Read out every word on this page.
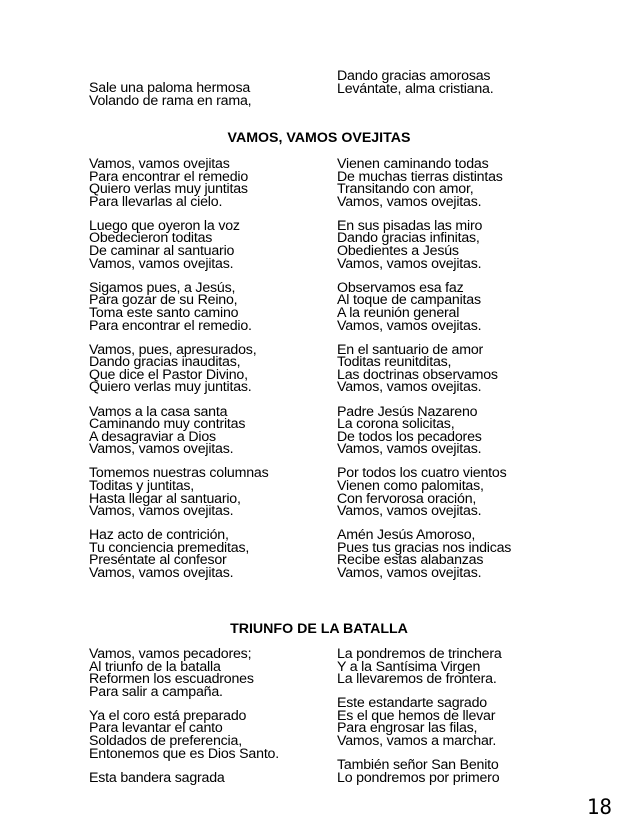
Sale una paloma hermosa
Volando de rama en rama,
Dando gracias amorosas
Levántate, alma cristiana.
VAMOS, VAMOS OVEJITAS
Vamos, vamos ovejitas
Para encontrar el remedio
Quiero verlas muy juntitas
Para llevarlas al cielo.
Luego que oyeron la voz
Obedecieron toditas
De caminar al santuario
Vamos, vamos ovejitas.
Sigamos pues, a Jesús,
Para gozar de su Reino,
Toma este santo camino
Para encontrar el remedio.
Vamos, pues, apresurados,
Dando gracias inauditas,
Que dice el Pastor Divino,
Quiero verlas muy juntitas.
Vamos a la casa santa
Caminando muy contritas
A desagraviar a Dios
Vamos, vamos ovejitas.
Tomemos nuestras columnas
Toditas y juntitas,
Hasta llegar al santuario,
Vamos, vamos ovejitas.
Haz acto de contrición,
Tu conciencia premeditas,
Preséntate al confesor
Vamos, vamos ovejitas.
Vienen caminando todas
De muchas tierras distintas
Transitando con amor,
Vamos, vamos ovejitas.
En sus pisadas las miro
Dando gracias infinitas,
Obedientes a Jesús
Vamos, vamos ovejitas.
Observamos esa faz
Al toque de campanitas
A la reunión general
Vamos, vamos ovejitas.
En el santuario de amor
Toditas reunitditas,
Las doctrinas observamos
Vamos, vamos ovejitas.
Padre Jesús Nazareno
La corona solicitas,
De todos los pecadores
Vamos, vamos ovejitas.
Por todos los cuatro vientos
Vienen como palomitas,
Con fervorosa oración,
Vamos, vamos ovejitas.
Amén Jesús Amoroso,
Pues tus gracias nos indicas
Recibe estas alabanzas
Vamos, vamos ovejitas.
TRIUNFO DE LA BATALLA
Vamos, vamos pecadores;
Al triunfo de la batalla
Reformen los escuadrones
Para salir a campaña.
Ya el coro está preparado
Para levantar el canto
Soldados de preferencia,
Entonemos que es Dios Santo.
Esta bandera sagrada
La pondremos de trinchera
Y a la Santísima Virgen
La llevaremos de frontera.
Este estandarte sagrado
Es el que hemos de llevar
Para engrosar las filas,
Vamos, vamos a marchar.
También señor San Benito
Lo pondremos por primero
18
